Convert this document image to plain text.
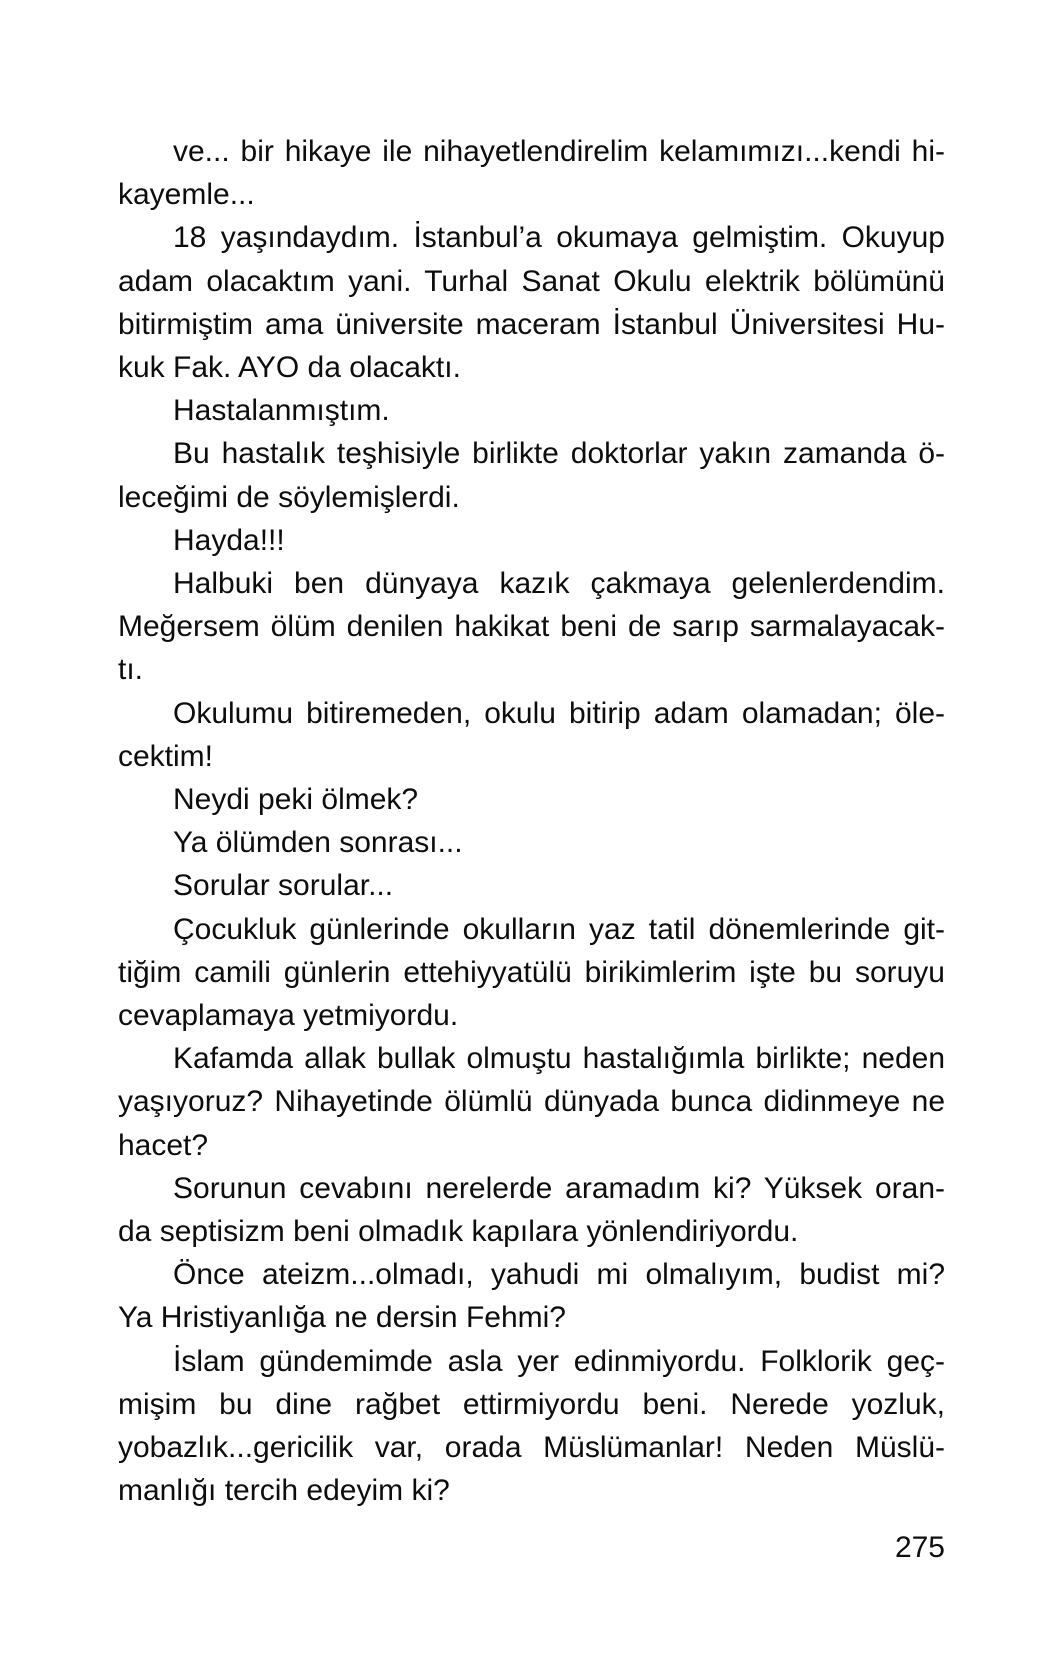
ve... bir hikaye ile nihayetlendirelim kelamımızı...kendi hi-
kayemle...
18 yaşındaydım. İstanbul’a okumaya gelmiştim. Okuyup
adam olacaktım yani. Turhal Sanat Okulu elektrik bölümünü
bitirmiştim ama üniversite maceram İstanbul Üniversitesi Hu-
kuk Fak. AYO da olacaktı.
Hastalanmıştım.
Bu hastalık teşhisiyle birlikte doktorlar yakın zamanda ö-
leceğimi de söylemişlerdi.
Hayda!!!
Halbuki ben dünyaya kazık çakmaya gelenlerdendim.
Meğersem ölüm denilen hakikat beni de sarıp sarmalayacak-
tı.
Okulumu bitiremeden, okulu bitirip adam olamadan; öle-
cektim!
Neydi peki ölmek?
Ya ölümden sonrası...
Sorular sorular...
Çocukluk günlerinde okulların yaz tatil dönemlerinde git-
tiğim camili günlerin ettehiyyatülü birikimlerim işte bu soruyu
cevaplamaya yetmiyordu.
Kafamda allak bullak olmuştu hastalığımla birlikte; neden
yaşıyoruz? Nihayetinde ölümlü dünyada bunca didinmeye ne
hacet?
Sorunun cevabını nerelerde aramadım ki? Yüksek oran-
da septisizm beni olmadık kapılara yönlendiriyordu.
Önce ateizm...olmadı, yahudi mi olmalıyım, budist mi?
Ya Hristiyanlığa ne dersin Fehmi?
İslam gündemimde asla yer edinmiyordu. Folklorik geç-
mişim bu dine rağbet ettirmiyordu beni. Nerede yozluk,
yobazlık...gericilik var, orada Müslümanlar! Neden Müslü-
manlığı tercih edeyim ki?
275
